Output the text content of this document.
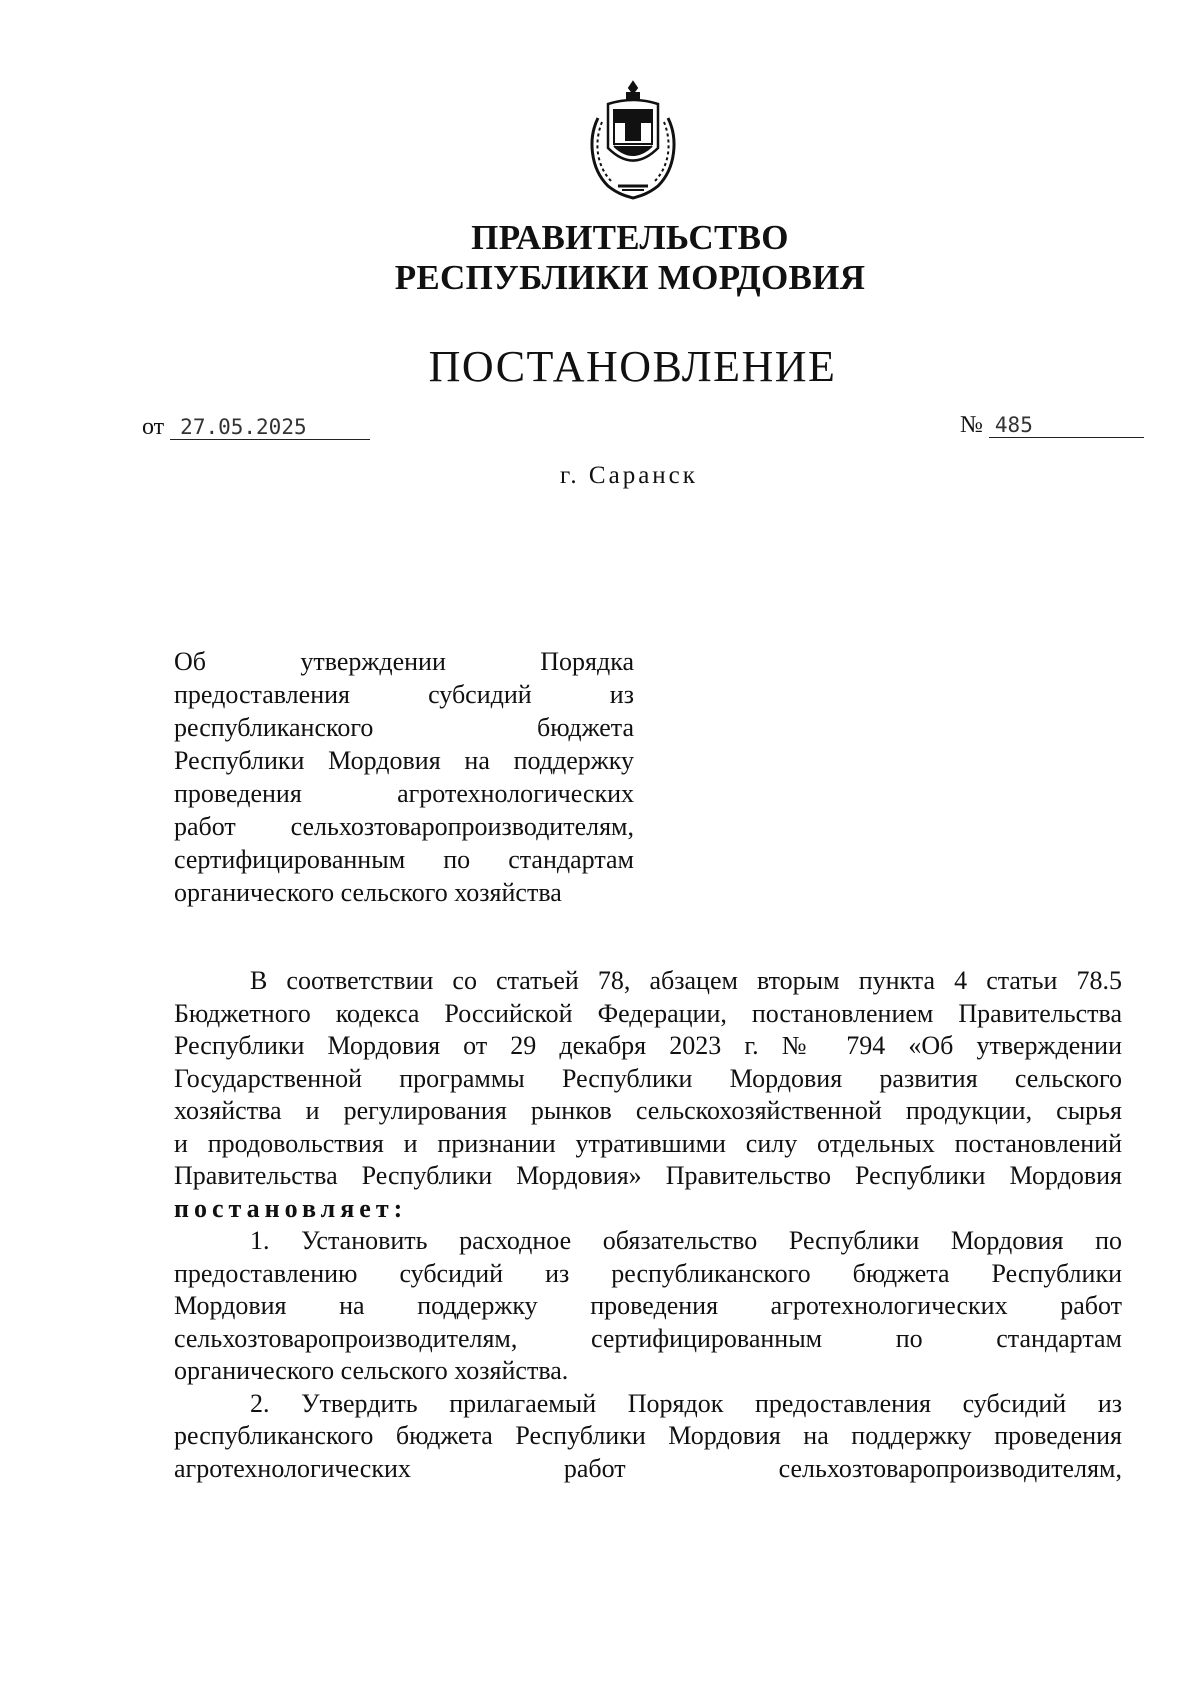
ПРАВИТЕЛЬСТВО
РЕСПУБЛИКИ МОРДОВИЯ
ПОСТАНОВЛЕНИЕ
от 27.05.2025	№ 485
г. Саранск
Об утверждении Порядка
предоставления субсидий из
республиканского бюджета
Республики Мордовия на поддержку
проведения агротехнологических
работ сельхозтоваропроизводителям,
сертифицированным по стандартам
органического сельского хозяйства
В соответствии со статьей 78, абзацем вторым пункта 4 статьи 78.5
Бюджетного кодекса Российской Федерации, постановлением Правительства
Республики Мордовия от 29 декабря 2023 г. № 794 «Об утверждении
Государственной программы Республики Мордовия развития сельского
хозяйства и регулирования рынков сельскохозяйственной продукции, сырья
и продовольствия и признании утратившими силу отдельных постановлений
Правительства Республики Мордовия» Правительство Республики Мордовия
постановляет:
1. Установить расходное обязательство Республики Мордовия по
предоставлению субсидий из республиканского бюджета Республики
Мордовия на поддержку проведения агротехнологических работ
сельхозтоваропроизводителям, сертифицированным по стандартам
органического сельского хозяйства.
2. Утвердить прилагаемый Порядок предоставления субсидий из
республиканского бюджета Республики Мордовия на поддержку проведения
агротехнологических работ сельхозтоваропроизводителям,
